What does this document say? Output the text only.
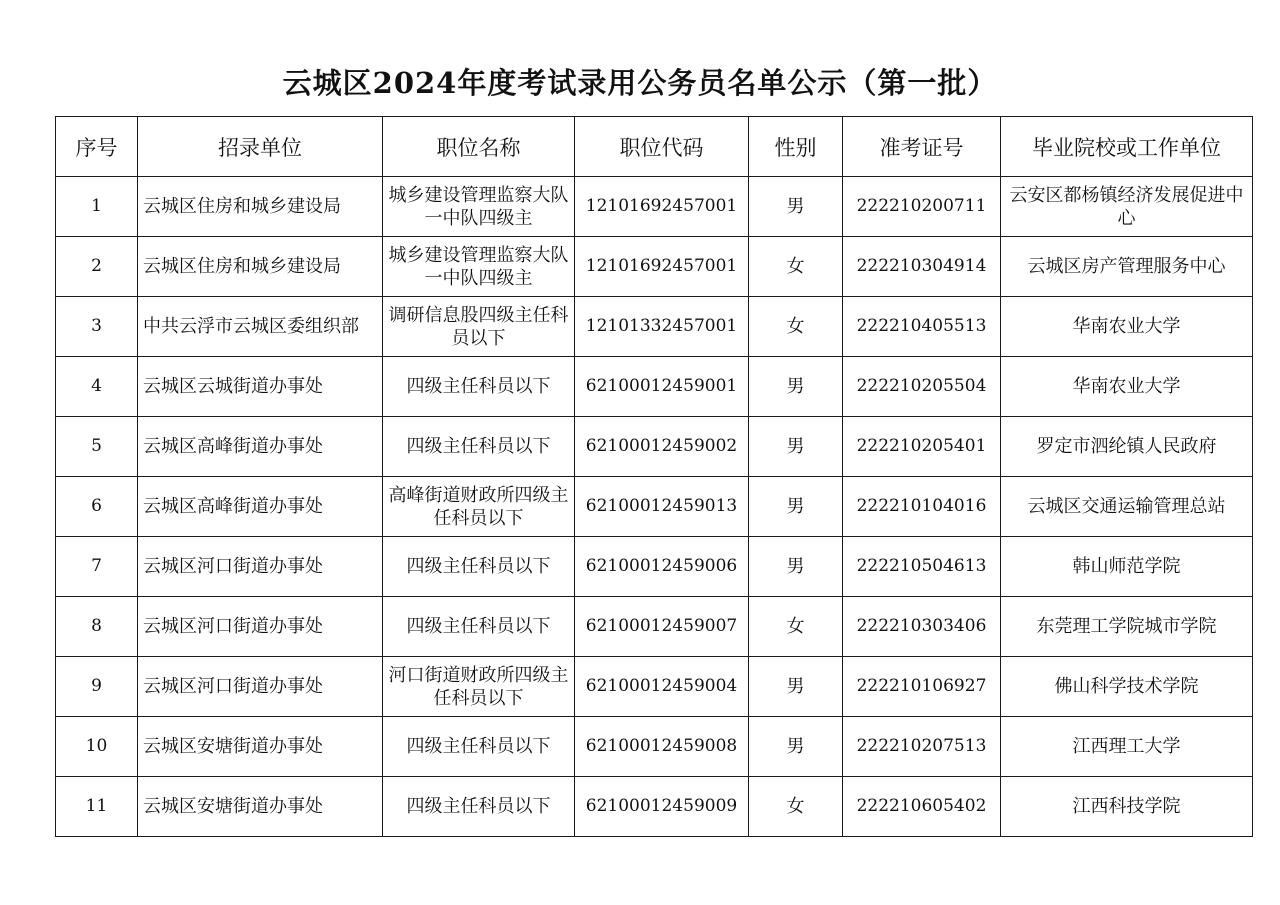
云城区2024年度考试录用公务员名单公示（第一批）
序号	招录单位	职位名称	职位代码	性别	准考证号	毕业院校或工作单位
1	云城区住房和城乡建设局	城乡建设管理监察大队一中队四级主	12101692457001	男	222210200711	云安区都杨镇经济发展促进中心
2	云城区住房和城乡建设局	城乡建设管理监察大队一中队四级主	12101692457001	女	222210304914	云城区房产管理服务中心
3	中共云浮市云城区委组织部	调研信息股四级主任科员以下	12101332457001	女	222210405513	华南农业大学
4	云城区云城街道办事处	四级主任科员以下	62100012459001	男	222210205504	华南农业大学
5	云城区高峰街道办事处	四级主任科员以下	62100012459002	男	222210205401	罗定市泗纶镇人民政府
6	云城区高峰街道办事处	高峰街道财政所四级主任科员以下	62100012459013	男	222210104016	云城区交通运输管理总站
7	云城区河口街道办事处	四级主任科员以下	62100012459006	男	222210504613	韩山师范学院
8	云城区河口街道办事处	四级主任科员以下	62100012459007	女	222210303406	东莞理工学院城市学院
9	云城区河口街道办事处	河口街道财政所四级主任科员以下	62100012459004	男	222210106927	佛山科学技术学院
10	云城区安塘街道办事处	四级主任科员以下	62100012459008	男	222210207513	江西理工大学
11	云城区安塘街道办事处	四级主任科员以下	62100012459009	女	222210605402	江西科技学院
